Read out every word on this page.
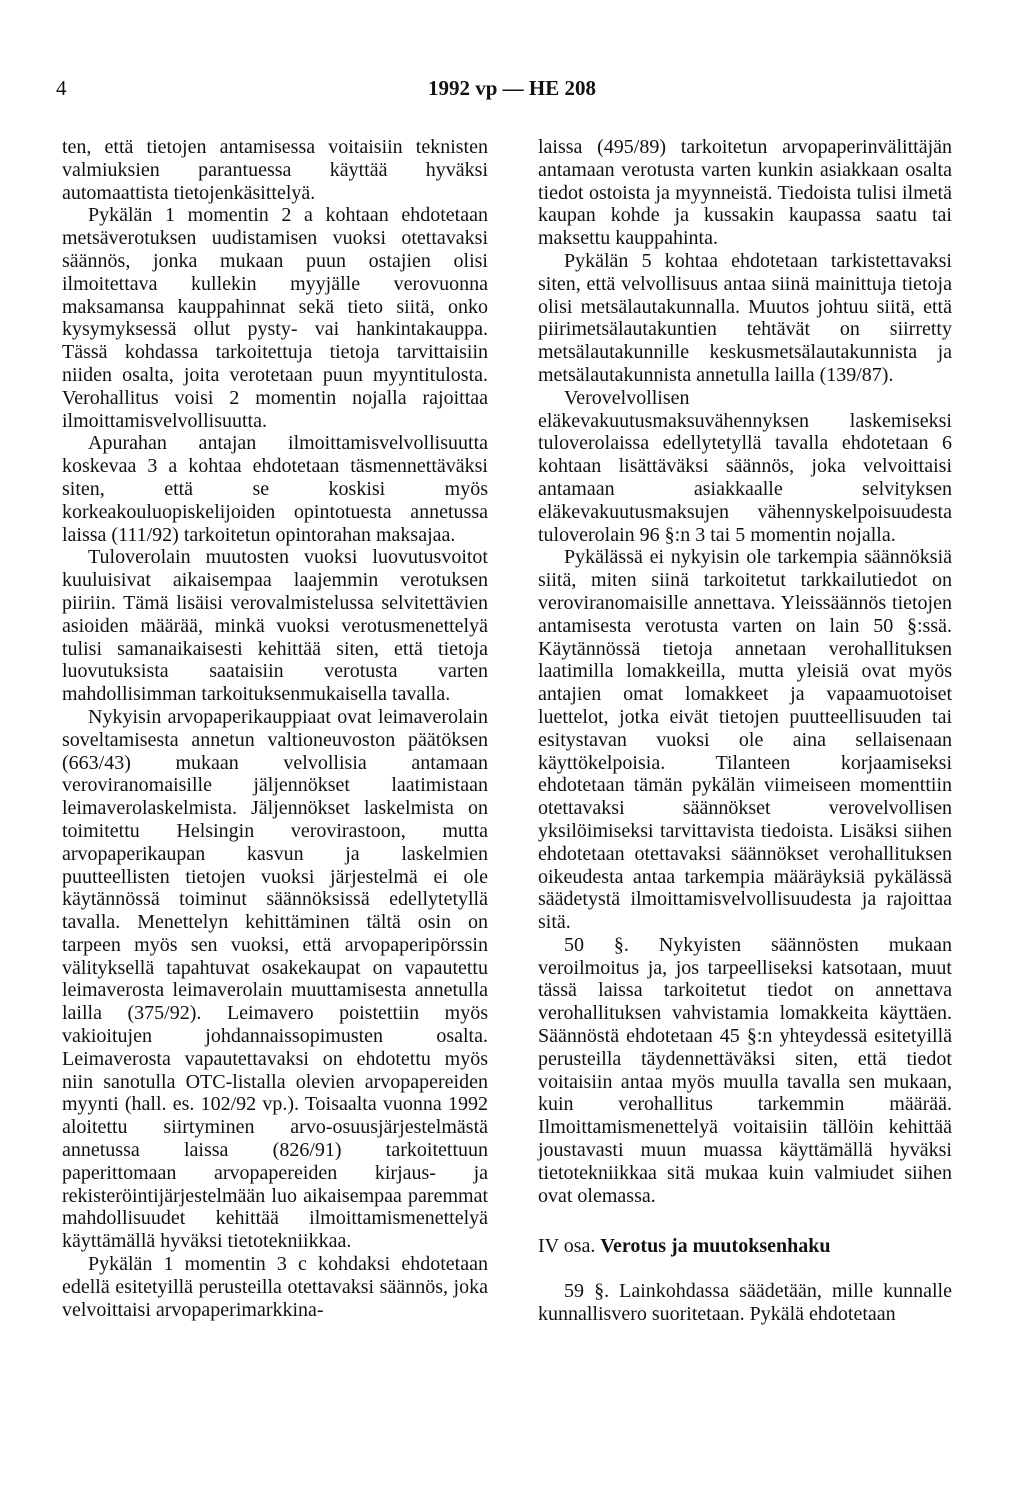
4	1992 vp — HE 208

ten, että tietojen antamisessa voitaisiin teknisten valmiuksien parantuessa käyttää hyväksi automaattista tietojenkäsittelyä.

Pykälän 1 momentin 2 a kohtaan ehdotetaan metsäverotuksen uudistamisen vuoksi otettavaksi säännös, jonka mukaan puun ostajien olisi ilmoitettava kullekin myyjälle verovuonna maksamansa kauppahinnat sekä tieto siitä, onko kysymyksessä ollut pysty- vai hankintakauppa. Tässä kohdassa tarkoitettuja tietoja tarvittaisiin niiden osalta, joita verotetaan puun myyntitulosta. Verohallitus voisi 2 momentin nojalla rajoittaa ilmoittamisvelvollisuutta.

Apurahan antajan ilmoittamisvelvollisuutta koskevaa 3 a kohtaa ehdotetaan täsmennettäväksi siten, että se koskisi myös korkeakouluopiskelijoiden opintotuesta annetussa laissa (111/92) tarkoitetun opintorahan maksajaa.

Tuloverolain muutosten vuoksi luovutusvoitot kuuluisivat aikaisempaa laajemmin verotuksen piiriin. Tämä lisäisi verovalmistelussa selvitettävien asioiden määrää, minkä vuoksi verotusmenettelyä tulisi samanaikaisesti kehittää siten, että tietoja luovutuksista saataisiin verotusta varten mahdollisimman tarkoituksenmukaisella tavalla.

Nykyisin arvopaperikauppiaat ovat leimaverolain soveltamisesta annetun valtioneuvoston päätöksen (663/43) mukaan velvollisia antamaan veroviranomaisille jäljennökset laatimistaan leimaverolaskelmista. Jäljennökset laskelmista on toimitettu Helsingin verovirastoon, mutta arvopaperikaupan kasvun ja laskelmien puutteellisten tietojen vuoksi järjestelmä ei ole käytännössä toiminut säännöksissä edellytetyllä tavalla. Menettelyn kehittäminen tältä osin on tarpeen myös sen vuoksi, että arvopaperipörssin välityksellä tapahtuvat osakekaupat on vapautettu leimaverosta leimaverolain muuttamisesta annetulla lailla (375/92). Leimavero poistettiin myös vakioitujen johdannaissopimusten osalta. Leimaverosta vapautettavaksi on ehdotettu myös niin sanotulla OTC-listalla olevien arvopapereiden myynti (hall. es. 102/92 vp.). Toisaalta vuonna 1992 aloitettu siirtyminen arvo-osuusjärjestelmästä annetussa laissa (826/91) tarkoitettuun paperittomaan arvopapereiden kirjaus- ja rekisteröintijärjestelmään luo aikaisempaa paremmat mahdollisuudet kehittää ilmoittamismenettelyä käyttämällä hyväksi tietotekniikkaa.

Pykälän 1 momentin 3 c kohdaksi ehdotetaan edellä esitetyillä perusteilla otettavaksi säännös, joka velvoittaisi arvopaperimarkkina-

laissa (495/89) tarkoitetun arvopaperinvälittäjän antamaan verotusta varten kunkin asiakkaan osalta tiedot ostoista ja myynneistä. Tiedoista tulisi ilmetä kaupan kohde ja kussakin kaupassa saatu tai maksettu kauppahinta.

Pykälän 5 kohtaa ehdotetaan tarkistettavaksi siten, että velvollisuus antaa siinä mainittuja tietoja olisi metsälautakunnalla. Muutos johtuu siitä, että piirimetsälautakuntien tehtävät on siirretty metsälautakunnille keskusmetsälautakunnista ja metsälautakunnista annetulla lailla (139/87).

Verovelvollisen eläkevakuutusmaksuvähennyksen laskemiseksi tuloverolaissa edellytetyllä tavalla ehdotetaan 6 kohtaan lisättäväksi säännös, joka velvoittaisi antamaan asiakkaalle selvityksen eläkevakuutusmaksujen vähennyskelpoisuudesta tuloverolain 96 §:n 3 tai 5 momentin nojalla.

Pykälässä ei nykyisin ole tarkempia säännöksiä siitä, miten siinä tarkoitetut tarkkailutiedot on veroviranomaisille annettava. Yleissäännös tietojen antamisesta verotusta varten on lain 50 §:ssä. Käytännössä tietoja annetaan verohallituksen laatimilla lomakkeilla, mutta yleisiä ovat myös antajien omat lomakkeet ja vapaamuotoiset luettelot, jotka eivät tietojen puutteellisuuden tai esitystavan vuoksi ole aina sellaisenaan käyttökelpoisia. Tilanteen korjaamiseksi ehdotetaan tämän pykälän viimeiseen momenttiin otettavaksi säännökset verovelvollisen yksilöimiseksi tarvittavista tiedoista. Lisäksi siihen ehdotetaan otettavaksi säännökset verohallituksen oikeudesta antaa tarkempia määräyksiä pykälässä säädetystä ilmoittamisvelvollisuudesta ja rajoittaa sitä.

50 §. Nykyisten säännösten mukaan veroilmoitus ja, jos tarpeelliseksi katsotaan, muut tässä laissa tarkoitetut tiedot on annettava verohallituksen vahvistamia lomakkeita käyttäen. Säännöstä ehdotetaan 45 §:n yhteydessä esitetyillä perusteilla täydennettäväksi siten, että tiedot voitaisiin antaa myös muulla tavalla sen mukaan, kuin verohallitus tarkemmin määrää. Ilmoittamismenettelyä voitaisiin tällöin kehittää joustavasti muun muassa käyttämällä hyväksi tietotekniikkaa sitä mukaa kuin valmiudet siihen ovat olemassa.

IV osa. Verotus ja muutoksenhaku

59 §. Lainkohdassa säädetään, mille kunnalle kunnallisvero suoritetaan. Pykälä ehdotetaan
